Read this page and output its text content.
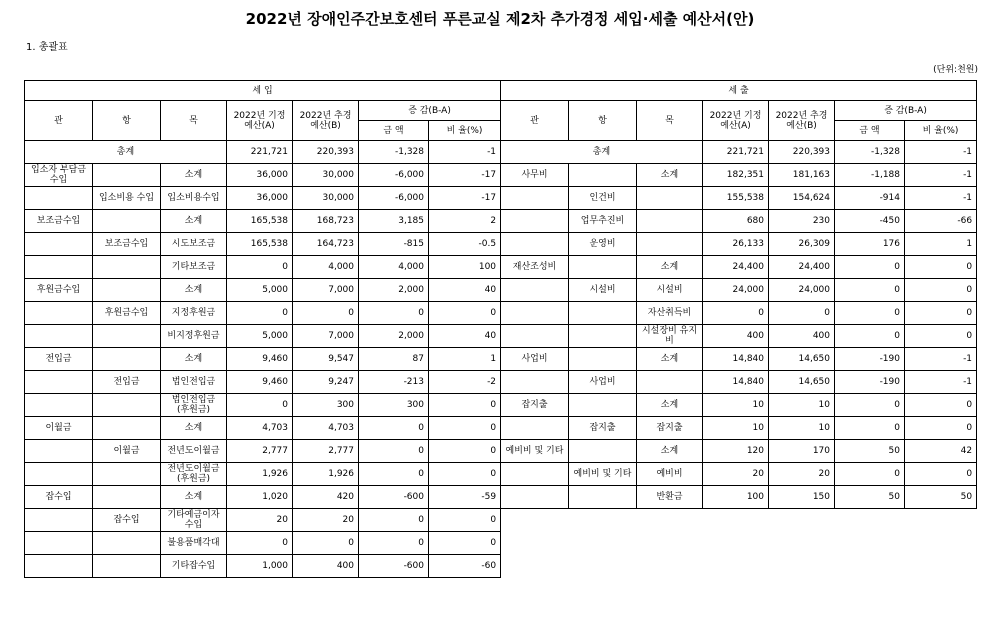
2022년 장애인주간보호센터 푸른교실 제2차 추가경정 세입·세출 예산서(안)
1. 총괄표
(단위:천원)
세 입						
관	항	목	2022년 기정예산(A)	2022년 추경예산(B)	증 감(B-A)	
					금 액	비 율(%)
총계			221,721	220,393	-1,328	-1
입소자 부담금수입		소계	36,000	30,000	-6,000	-17
	입소비용 수입	입소비용수입	36,000	30,000	-6,000	-17
보조금수입		소계	165,538	168,723	3,185	2
	보조금수입	시도보조금	165,538	164,723	-815	-0.5
		기타보조금	0	4,000	4,000	100
후원금수입		소계	5,000	7,000	2,000	40
	후원금수입	지정후원금	0	0	0	0
		비지정후원금	5,000	7,000	2,000	40
전입금		소계	9,460	9,547	87	1
	전입금	법인전입금	9,460	9,247	-213	-2
		법인전입금 (후원금)	0	300	300	0
이월금		소계	4,703	4,703	0	0
	이월금	전년도이월금	2,777	2,777	0	0
		전년도이월금 (후원금)	1,926	1,926	0	0
잡수입		소계	1,020	420	-600	-59
	잡수입	기타예금이자 수입	20	20	0	0
		불용품매각대	0	0	0	0
		기타잡수입	1,000	400	-600	-60
세 출						
관	항	목	2022년 기정예산(A)	2022년 추경예산(B)	증 감(B-A)	
					금 액	비 율(%)
총계			221,721	220,393	-1,328	-1
사무비		소계	182,351	181,163	-1,188	-1
	인건비		155,538	154,624	-914	-1
	업무추진비		680	230	-450	-66
	운영비		26,133	26,309	176	1
재산조성비		소계	24,400	24,400	0	0
	시설비	시설비	24,000	24,000	0	0
		자산취득비	0	0	0	0
		시설장비 유지비	400	400	0	0
사업비		소계	14,840	14,650	-190	-1
	사업비		14,840	14,650	-190	-1
잡지출		소계	10	10	0	0
	잡지출	잡지출	10	10	0	0
예비비 및 기타		소계	120	170	50	42
	예비비 및 기타	예비비	20	20	0	0
		반환금	100	150	50	50
